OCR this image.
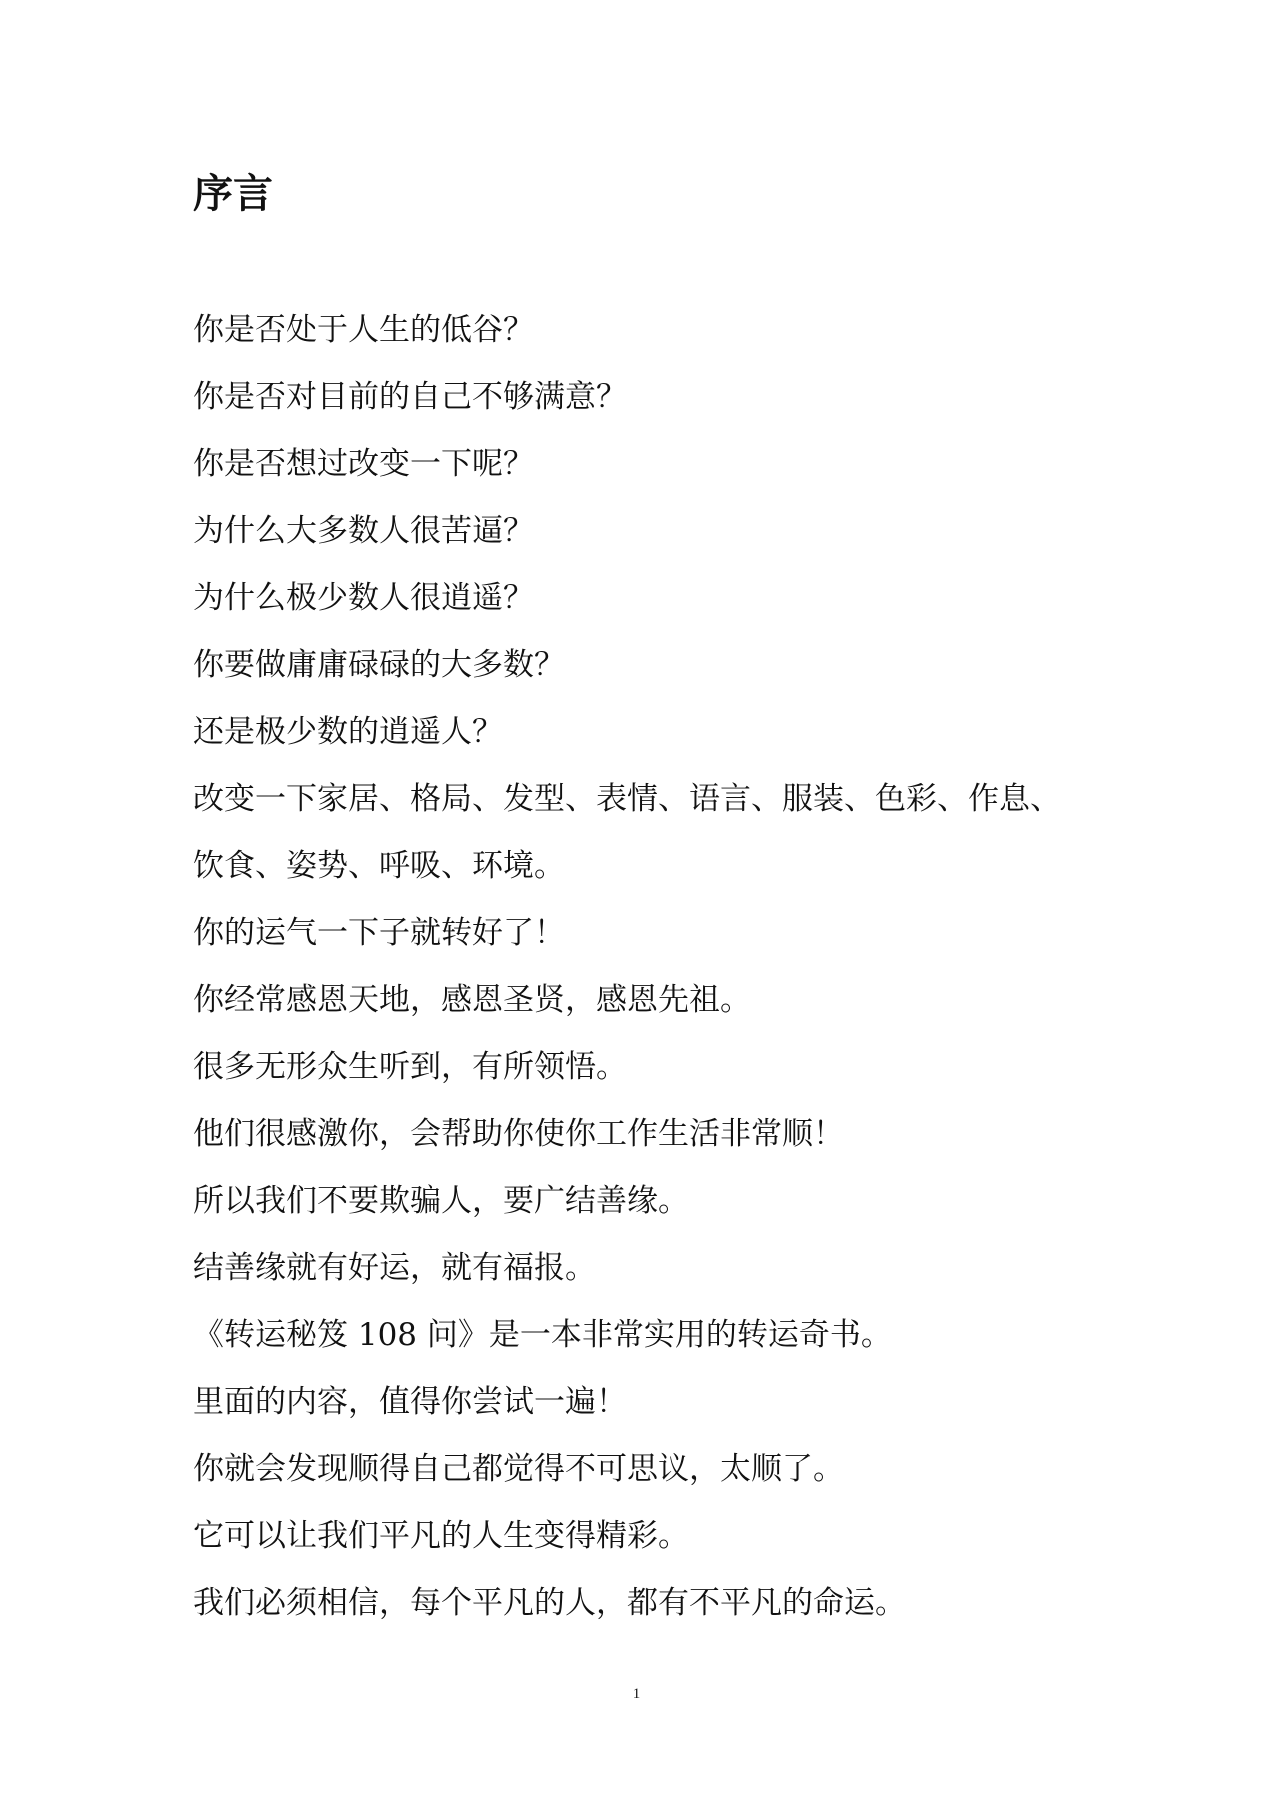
序言

你是否处于人生的低谷？

你是否对目前的自己不够满意？

你是否想过改变一下呢？

为什么大多数人很苦逼？

为什么极少数人很逍遥？

你要做庸庸碌碌的大多数？

还是极少数的逍遥人？

改变一下家居、格局、发型、表情、语言、服装、色彩、作息、饮食、姿势、呼吸、环境。

你的运气一下子就转好了！

你经常感恩天地，感恩圣贤，感恩先祖。

很多无形众生听到，有所领悟。

他们很感激你，会帮助你使你工作生活非常顺！

所以我们不要欺骗人，要广结善缘。

结善缘就有好运，就有福报。

《转运秘笈 108 问》是一本非常实用的转运奇书。

里面的内容，值得你尝试一遍！

你就会发现顺得自己都觉得不可思议，太顺了。

它可以让我们平凡的人生变得精彩。

我们必须相信，每个平凡的人，都有不平凡的命运。

1
